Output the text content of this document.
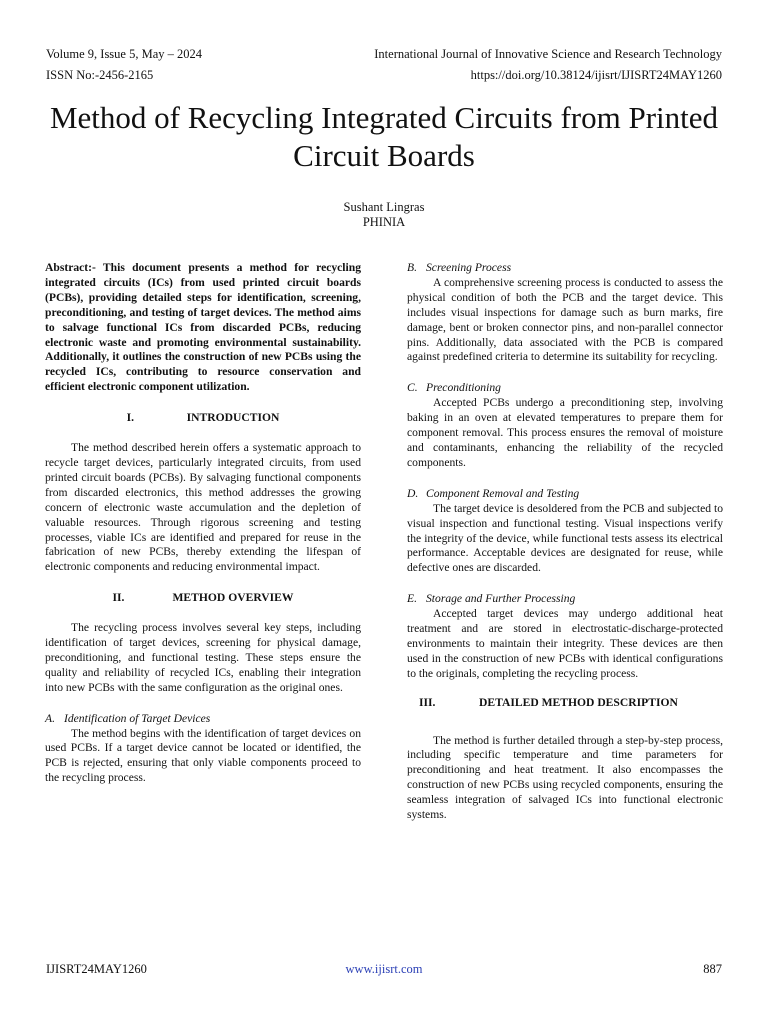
Volume 9, Issue 5, May – 2024
ISSN No:-2456-2165
International Journal of Innovative Science and Research Technology
https://doi.org/10.38124/ijisrt/IJISRT24MAY1260
Method of Recycling Integrated Circuits from Printed Circuit Boards
Sushant Lingras
PHINIA

Abstract:- This document presents a method for recycling integrated circuits (ICs) from used printed circuit boards (PCBs), providing detailed steps for identification, screening, preconditioning, and testing of target devices. The method aims to salvage functional ICs from discarded PCBs, reducing electronic waste and promoting environmental sustainability. Additionally, it outlines the construction of new PCBs using the recycled ICs, contributing to resource conservation and efficient electronic component utilization.

I.	INTRODUCTION

The method described herein offers a systematic approach to recycle target devices, particularly integrated circuits, from used printed circuit boards (PCBs). By salvaging functional components from discarded electronics, this method addresses the growing concern of electronic waste accumulation and the depletion of valuable resources. Through rigorous screening and testing processes, viable ICs are identified and prepared for reuse in the fabrication of new PCBs, thereby extending the lifespan of electronic components and reducing environmental impact.

II.	METHOD OVERVIEW

The recycling process involves several key steps, including identification of target devices, screening for physical damage, preconditioning, and functional testing. These steps ensure the quality and reliability of recycled ICs, enabling their integration into new PCBs with the same configuration as the original ones.

A. Identification of Target Devices

The method begins with the identification of target devices on used PCBs. If a target device cannot be located or identified, the PCB is rejected, ensuring that only viable components proceed to the recycling process.

B. Screening Process

A comprehensive screening process is conducted to assess the physical condition of both the PCB and the target device. This includes visual inspections for damage such as burn marks, fire damage, bent or broken connector pins, and non-parallel connector pins. Additionally, data associated with the PCB is compared against predefined criteria to determine its suitability for recycling.

C. Preconditioning

Accepted PCBs undergo a preconditioning step, involving baking in an oven at elevated temperatures to prepare them for component removal. This process ensures the removal of moisture and contaminants, enhancing the reliability of the recycled components.

D. Component Removal and Testing

The target device is desoldered from the PCB and subjected to visual inspection and functional testing. Visual inspections verify the integrity of the device, while functional tests assess its electrical performance. Acceptable devices are designated for reuse, while defective ones are discarded.

E. Storage and Further Processing

Accepted target devices may undergo additional heat treatment and are stored in electrostatic-discharge-protected environments to maintain their integrity. These devices are then used in the construction of new PCBs with identical configurations to the originals, completing the recycling process.

III.	DETAILED METHOD DESCRIPTION

The method is further detailed through a step-by-step process, including specific temperature and time parameters for preconditioning and heat treatment. It also encompasses the construction of new PCBs using recycled components, ensuring the seamless integration of salvaged ICs into functional electronic systems.

IJISRT24MAY1260	www.ijisrt.com	887
